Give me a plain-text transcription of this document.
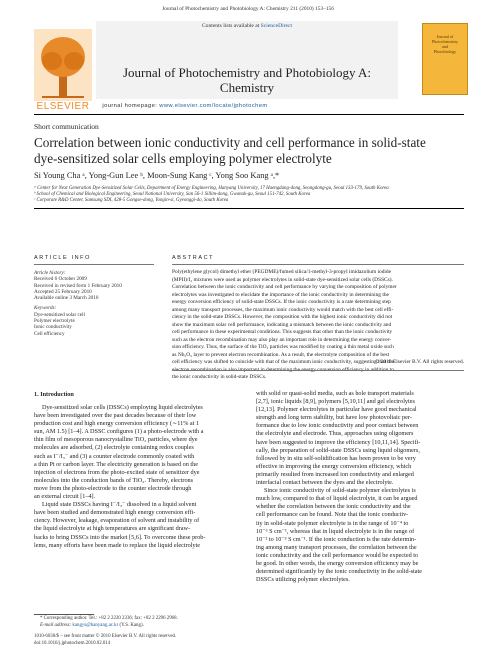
Journal of Photochemistry and Photobiology A: Chemistry 211 (2010) 153–156
ELSEVIER
Contents lists available at ScienceDirect
Journal of Photochemistry and Photobiology A:
Chemistry
journal homepage: www.elsevier.com/locate/jphotochem
Journal of
Photochemistry
and
Photobiology
Short communication
Correlation between ionic conductivity and cell performance in solid-state
dye-sensitized solar cells employing polymer electrolyte
Si Young Cha ᵃ, Yong-Gun Lee ᵇ, Moon-Sung Kang ᶜ, Yong Soo Kang ᵃ,*
ᵃ Center for Next Generation Dye-Sensitized Solar Cells, Department of Energy Engineering, Hanyang University, 17 Haengdang-dong, Seongdong-gu, Seoul 133-179, South Korea
ᵇ School of Chemical and Biological Engineering, Seoul National University, San 56-1 Sillim-dong, Gwanak-gu, Seoul 151-742, South Korea
ᶜ Corporate R&D Center, Samsung SDI, 428-5 Gongse-dong, Yongin-si, Gyeonggi-do, South Korea
ARTICLE INFO
Article history:
Received 6 October 2009
Received in revised form 1 February 2010
Accepted 25 February 2010
Available online 3 March 2010
Keywords:
Dye-sensitized solar cell
Polymer electrolyte
Ionic conductivity
Cell efficiency
ABSTRACT
Poly(ethylene glycol) dimethyl ether (PEGDME)/fumed silica/1-methyl-3-propyl imidazolium iodide
(MPII)/I₂ mixtures were used as polymer electrolytes in solid-state dye-sensitized solar cells (DSSCs).
Correlation between the ionic conductivity and cell performance by varying the composition of polymer
electrolytes was investigated to elucidate the importance of the ionic conductivity in determining the
energy conversion efficiency of solid-state DSSCs. If the ionic conductivity is a rate determining step
among many transport processes, the maximum ionic conductivity would match with the best cell effi-
ciency in the solid-state DSSCs. However, the composition with the highest ionic conductivity did not
show the maximum solar cell performance, indicating a mismatch between the ionic conductivity and
cell performance in these experimental conditions. This suggests that other than the ionic conductivity
such as the electron recombination may also play an important role in determining the energy conver-
sion efficiency. Thus, the surface of the TiO₂ particles was modified by coating a thin metal oxide such
as Nb₂O₅ layer to prevent electron recombination. As a result, the electrolyte composition of the best
cell efficiency was shifted to coincide with that of the maximum ionic conductivity, suggesting that the
electron recombination is also important in determining the energy conversion efficiency in addition to
the ionic conductivity in solid-state DSSCs.
© 2010 Elsevier B.V. All rights reserved.
1. Introduction
Dye-sensitized solar cells (DSSCs) employing liquid electrolytes
have been investigated over the past decades because of their low
production cost and high energy conversion efficiency (∼11% at 1
sun, AM 1.5) [1–4]. A DSSC configures (1) a photo-electrode with a
thin film of mesoporous nanocrystalline TiO₂ particles, where dye
molecules are adsorbed, (2) electrolyte containing redox couples
such as I⁻/I₃⁻ and (3) a counter electrode commonly coated with
a thin Pt or carbon layer. The electricity generation is based on the
injection of electrons from the photo-excited state of sensitizer dye
molecules into the conduction bands of TiO₂. Thereby, electrons
move from the photo-electrode to the counter electrode through
an external circuit [1–4].
Liquid state DSSCs having I⁻/I₃⁻ dissolved in a liquid solvent
have been studied and demonstrated high energy conversion effi-
ciency. However, leakage, evaporation of solvent and instability of
the liquid electrolyte at high temperatures are significant draw-
backs to bring DSSCs into the market [5,6]. To overcome these prob-
lems, many efforts have been made to replace the liquid electrolyte
with solid or quasi-solid media, such as hole transport materials
[2,7], ionic liquids [8,9], polymers [5,10,11] and gel electrolytes
[12,13]. Polymer electrolytes in particular have good mechanical
strength and long term stability, but have low photovoltaic per-
formance due to low ionic conductivity and poor contact between
the electrolyte and electrode. Thus, approaches using oligomers
have been suggested to improve the efficiency [10,11,14]. Specifi-
cally, the preparation of solid-state DSSCs using liquid oligomers,
followed by in situ self-solidification has been proven to be very
effective in improving the energy conversion efficiency, which
primarily resulted from increased ion conductivity and enlarged
interfacial contact between the dyes and the electrolyte.
Since ionic conductivity of solid-state polymer electrolytes is
much low, compared to that of liquid electrolyte, it can be argued
whether the correlation between the ionic conductivity and the
cell performance can be found. Note that the ionic conductiv-
ity in solid-state polymer electrolyte is in the range of 10⁻⁴ to
10⁻⁶ S cm⁻¹, whereas that in liquid electrolyte is in the range of
10⁻² to 10⁻³ S cm⁻¹. If the ionic conduction is the rate determin-
ing among many transport processes, the correlation between the
ionic conductivity and the cell performance would be expected to
be good. In other words, the energy conversion efficiency may be
determined significantly by the ionic conductivity in the solid-state
DSSCs utilizing polymer electrolytes.
* Corresponding author. Tel.: +82 2 2220 2336; fax: +82 2 2296 2968.
E-mail address: kangys@hanyang.ac.kr (Y.S. Kang).
1010-6030/$ – see front matter © 2010 Elsevier B.V. All rights reserved.
doi:10.1016/j.jphotochem.2010.02.014
